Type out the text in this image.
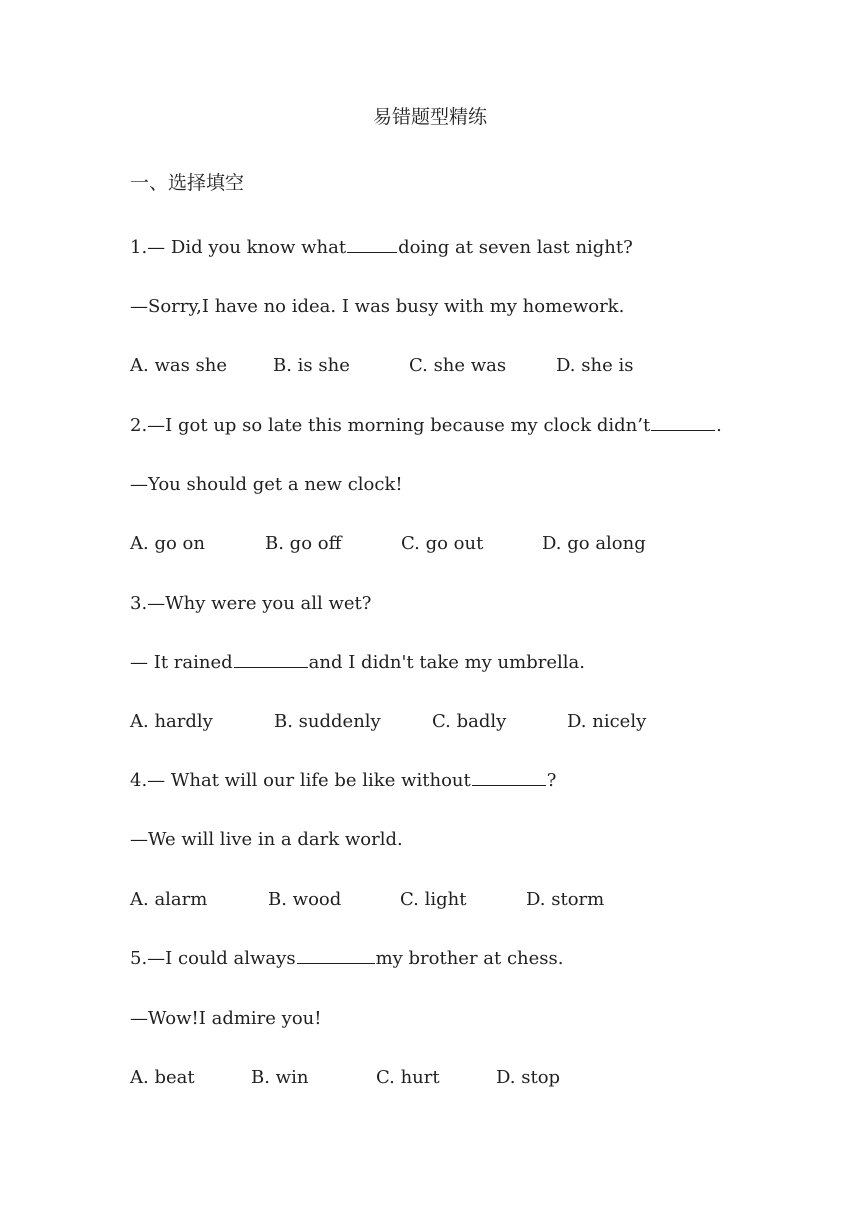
易错题型精练
一、选择填空
1.— Did you know what	doing at seven last night?
—Sorry,I have no idea. I was busy with my homework.
A. was she	B. is she	C. she was	D. she is
2.—I got up so late this morning because my clock didn’t	.
—You should get a new clock!
A. go on	B. go off	C. go out	D. go along
3.—Why were you all wet?
— It rained	and I didn't take my umbrella.
A. hardly	B. suddenly	C. badly	D. nicely
4.— What will our life be like without	?
—We will live in a dark world.
A. alarm	B. wood	C. light	D. storm
5.—I could always	my brother at chess.
—Wow!I admire you!
A. beat	B. win	C. hurt	D. stop
